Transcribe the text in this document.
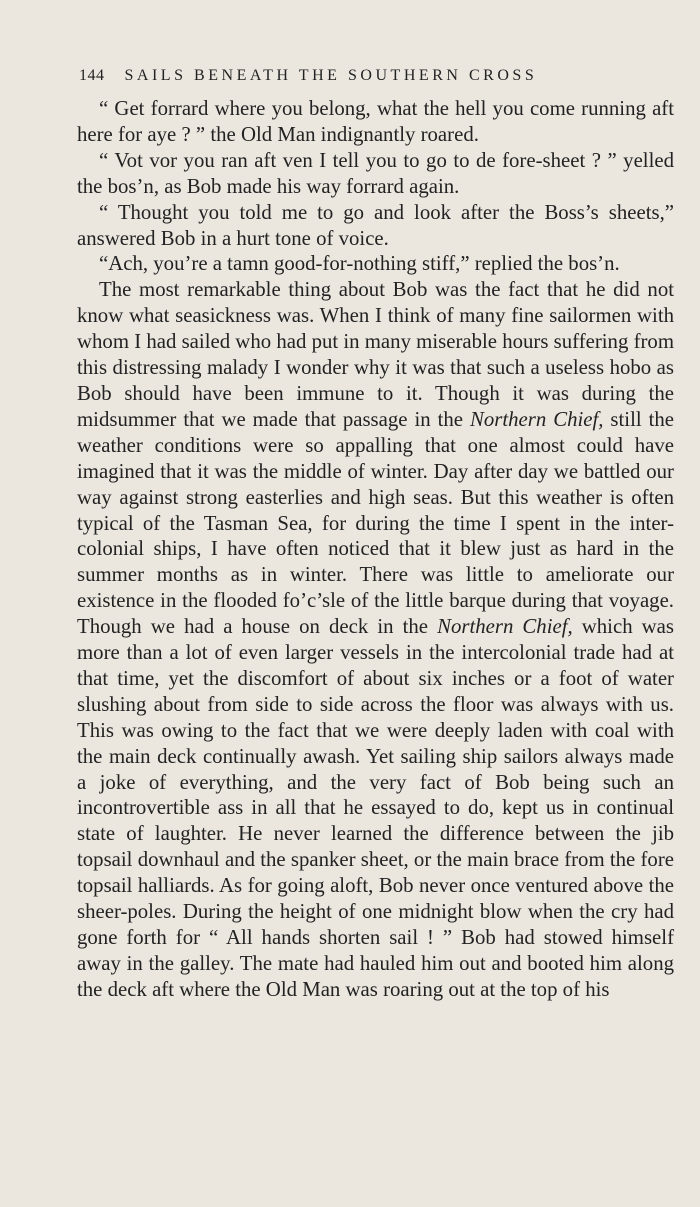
144 SAILS BENEATH THE SOUTHERN CROSS

“ Get forrard where you belong, what the hell you come running aft here for aye ? ” the Old Man indignantly roared.

“ Vot vor you ran aft ven I tell you to go to de fore-sheet ? ” yelled the bos’n, as Bob made his way forrard again.

“ Thought you told me to go and look after the Boss’s sheets,” answered Bob in a hurt tone of voice.

“Ach, you’re a tamn good-for-nothing stiff,” replied the bos’n.

The most remarkable thing about Bob was the fact that he did not know what seasickness was. When I think of many fine sailormen with whom I had sailed who had put in many miserable hours suffering from this distressing malady I wonder why it was that such a useless hobo as Bob should have been immune to it. Though it was during the midsummer that we made that passage in the Northern Chief, still the weather conditions were so appalling that one almost could have imagined that it was the middle of winter. Day after day we battled our way against strong easterlies and high seas. But this weather is often typical of the Tasman Sea, for during the time I spent in the inter-colonial ships, I have often noticed that it blew just as hard in the summer months as in winter. There was little to ameliorate our existence in the flooded fo’c’sle of the little barque during that voyage. Though we had a house on deck in the Northern Chief, which was more than a lot of even larger vessels in the intercolonial trade had at that time, yet the discomfort of about six inches or a foot of water slushing about from side to side across the floor was always with us. This was owing to the fact that we were deeply laden with coal with the main deck continually awash. Yet sailing ship sailors always made a joke of everything, and the very fact of Bob being such an incontrovertible ass in all that he essayed to do, kept us in continual state of laughter. He never learned the difference between the jib topsail downhaul and the spanker sheet, or the main brace from the fore topsail halliards. As for going aloft, Bob never once ventured above the sheer-poles. During the height of one midnight blow when the cry had gone forth for “ All hands shorten sail ! ” Bob had stowed himself away in the galley. The mate had hauled him out and booted him along the deck aft where the Old Man was roaring out at the top of his
